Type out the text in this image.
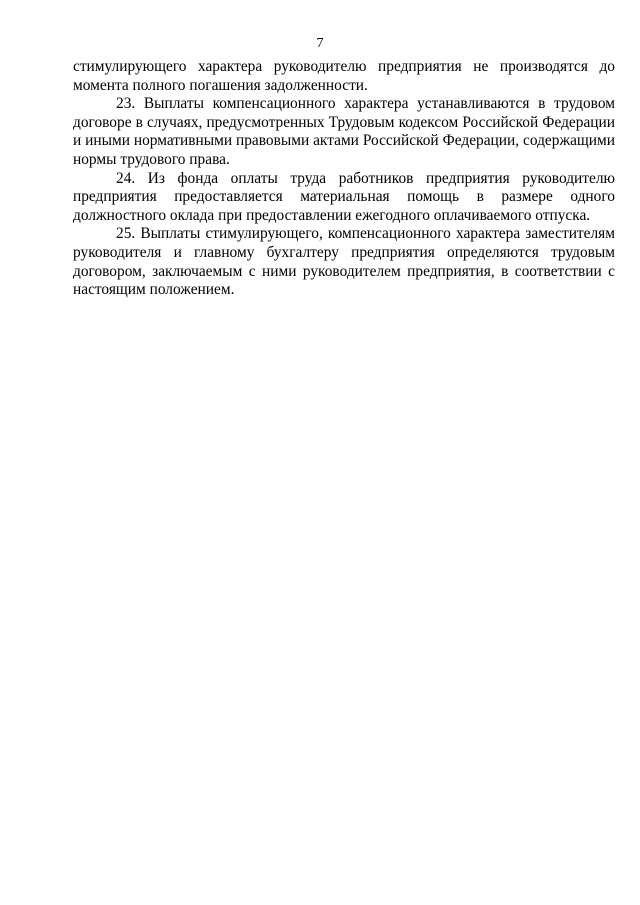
7

стимулирующего характера руководителю предприятия не производятся до момента полного погашения задолженности.

23. Выплаты компенсационного характера устанавливаются в трудовом договоре в случаях, предусмотренных Трудовым кодексом Российской Федерации и иными нормативными правовыми актами Российской Федерации, содержащими нормы трудового права.

24. Из фонда оплаты труда работников предприятия руководителю предприятия предоставляется материальная помощь в размере одного должностного оклада при предоставлении ежегодного оплачиваемого отпуска.

25. Выплаты стимулирующего, компенсационного характера заместителям руководителя и главному бухгалтеру предприятия определяются трудовым договором, заключаемым с ними руководителем предприятия, в соответствии с настоящим положением.
